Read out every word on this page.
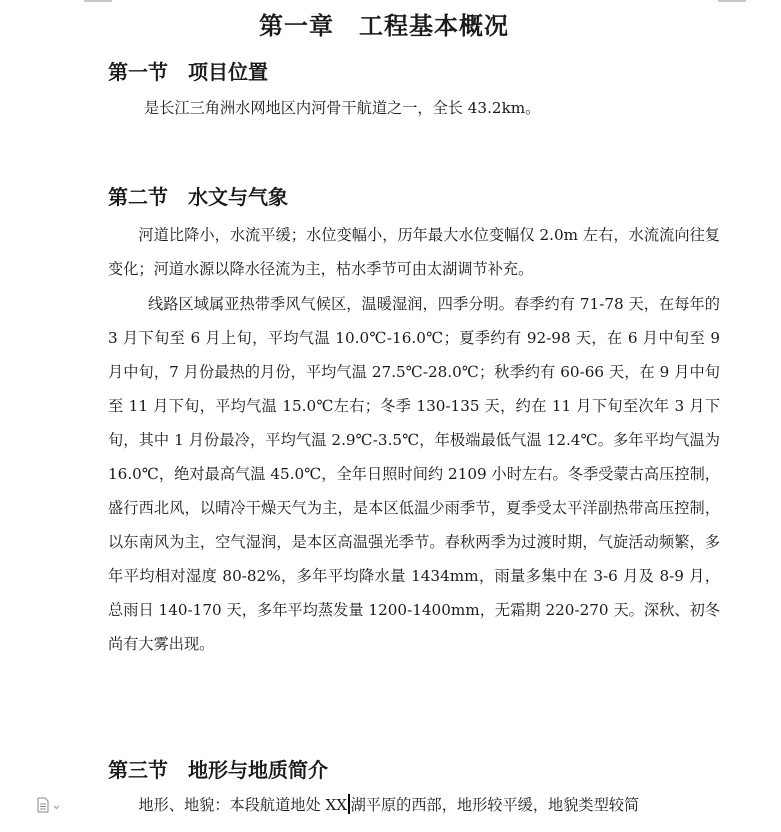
第一章　工程基本概况
第一节　项目位置

是长江三角洲水网地区内河骨干航道之一，全长 43.2km。

第二节　水文与气象

河道比降小，水流平缓；水位变幅小，历年最大水位变幅仅 2.0m 左右，水流流向往复变化；河道水源以降水径流为主，枯水季节可由太湖调节补充。

线路区域属亚热带季风气候区，温暖湿润，四季分明。春季约有 71-78 天，在每年的 3 月下旬至 6 月上旬，平均气温 10.0℃-16.0℃；夏季约有 92-98 天，在 6 月中旬至 9 月中旬，7 月份最热的月份，平均气温 27.5℃-28.0℃；秋季约有 60-66 天，在 9 月中旬至 11 月下旬，平均气温 15.0℃左右；冬季 130-135 天，约在 11 月下旬至次年 3 月下旬，其中 1 月份最冷，平均气温 2.9℃-3.5℃，年极端最低气温 12.4℃。多年平均气温为 16.0℃，绝对最高气温 45.0℃，全年日照时间约 2109 小时左右。冬季受蒙古高压控制，盛行西北风，以晴冷干燥天气为主，是本区低温少雨季节，夏季受太平洋副热带高压控制，以东南风为主，空气湿润，是本区高温强光季节。春秋两季为过渡时期，气旋活动频繁，多年平均相对湿度 80-82%，多年平均降水量 1434mm，雨量多集中在 3-6 月及 8-9 月，总雨日 140-170 天，多年平均蒸发量 1200-1400mm，无霜期 220-270 天。深秋、初冬尚有大雾出现。

第三节　地形与地质简介

地形、地貌：本段航道地处 XX 湖平原的西部，地形较平缓，地貌类型较简
